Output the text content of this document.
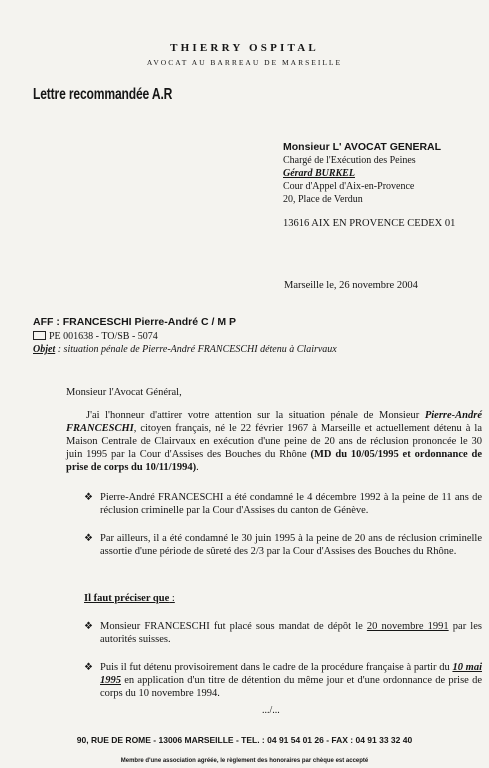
THIERRY OSPITAL
AVOCAT AU BARREAU DE MARSEILLE
Lettre recommandée A.R
Monsieur L' AVOCAT GENERAL
Chargé de l'Exécution des Peines
Gérard BURKEL
Cour d'Appel d'Aix-en-Provence
20, Place de Verdun
13616 AIX EN PROVENCE CEDEX 01
Marseille le, 26 novembre 2004
AFF : FRANCESCHI Pierre-André C / M P
PE 001638 - TO/SB - 5074
Objet : situation pénale de Pierre-André FRANCESCHI détenu à Clairvaux
Monsieur l'Avocat Général,
J'ai l'honneur d'attirer votre attention sur la situation pénale de Monsieur Pierre-André FRANCESCHI, citoyen français, né le 22 février 1967 à Marseille et actuellement détenu à la Maison Centrale de Clairvaux en exécution d'une peine de 20 ans de réclusion prononcée le 30 juin 1995 par la Cour d'Assises des Bouches du Rhône (MD du 10/05/1995 et ordonnance de prise de corps du 10/11/1994).
❖ Pierre-André FRANCESCHI a été condamné le 4 décembre 1992 à la peine de 11 ans de réclusion criminelle par la Cour d'Assises du canton de Génève.
❖ Par ailleurs, il a été condamné le 30 juin 1995 à la peine de 20 ans de réclusion criminelle assortie d'une période de sûreté des 2/3 par la Cour d'Assises des Bouches du Rhône.
Il faut préciser que :
❖ Monsieur FRANCESCHI fut placé sous mandat de dépôt le 20 novembre 1991 par les autorités suisses.
❖ Puis il fut détenu provisoirement dans le cadre de la procédure française à partir du 10 mai 1995 en application d'un titre de détention du même jour et d'une ordonnance de prise de corps du 10 novembre 1994.
.../...
90, RUE DE ROME - 13006 MARSEILLE - TEL. : 04 91 54 01 26 - FAX : 04 91 33 32 40
Membre d'une association agréée, le règlement des honoraires par chèque est accepté
